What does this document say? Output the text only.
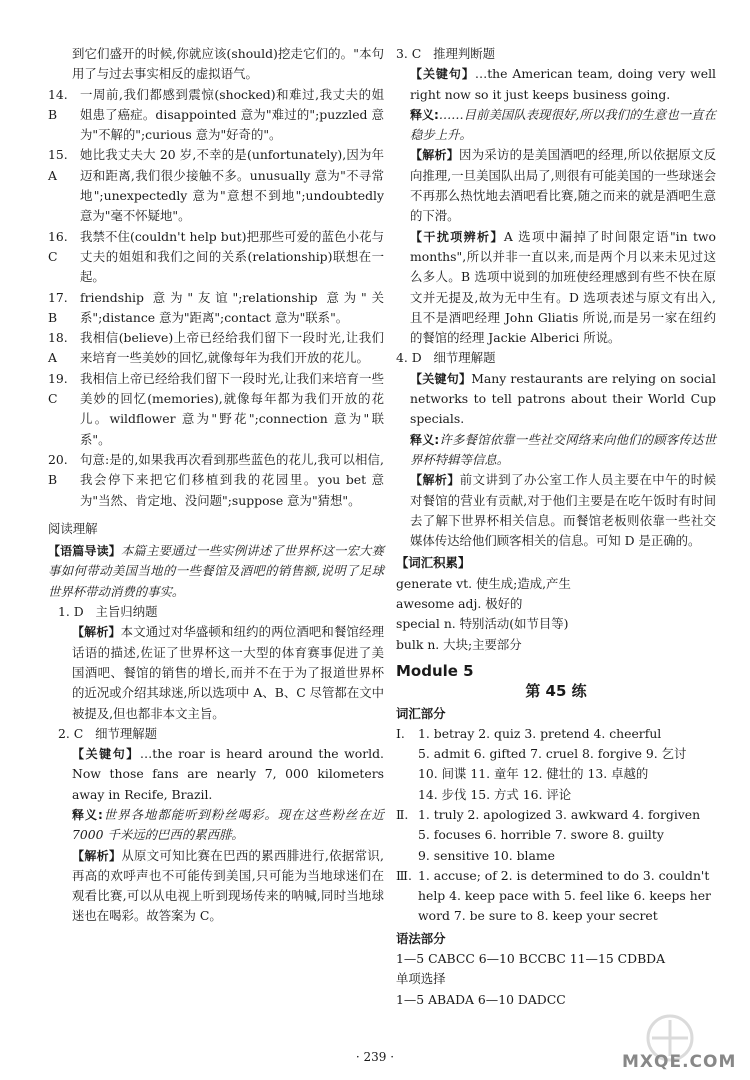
到它们盛开的时候,你就应该(should)挖走它们的。"本句用了与过去事实相反的虚拟语气。

14. B
一周前,我们都感到震惊(shocked)和难过,我丈夫的姐姐患了癌症。disappointed 意为"难过的";puzzled 意为"不解的";curious 意为"好奇的"。
15. A
她比我丈夫大 20 岁,不幸的是(unfortunately),因为年迈和距离,我们很少接触不多。unusually 意为"不寻常地";unexpectedly 意为"意想不到地";undoubtedly 意为"毫不怀疑地"。
16. C
我禁不住(couldn't help but)把那些可爱的蓝色小花与丈夫的姐姐和我们之间的关系(relationship)联想在一起。
17. B
friendship 意为"友谊";relationship 意为"关系";distance 意为"距离";contact 意为"联系"。
18. A
我相信(believe)上帝已经给我们留下一段时光,让我们来培育一些美妙的回忆,就像每年为我们开放的花儿。
19. C
我相信上帝已经给我们留下一段时光,让我们来培育一些美妙的回忆(memories),就像每年都为我们开放的花儿。wildflower 意为"野花";connection 意为"联系"。
20. B
句意:是的,如果我再次看到那些蓝色的花儿,我可以相信,我会停下来把它们移植到我的花园里。you bet 意为"当然、肯定地、没问题";suppose 意为"猜想"。

阅读理解

【语篇导读】本篇主要通过一些实例讲述了世界杯这一宏大赛事如何带动美国当地的一些餐馆及酒吧的销售额,说明了足球世界杯带动消费的事实。

1. D 主旨归纳题

【解析】本文通过对华盛顿和纽约的两位酒吧和餐馆经理话语的描述,佐证了世界杯这一大型的体育赛事促进了美国酒吧、餐馆的销售的增长,而并不在于为了报道世界杯的近况或介绍其球迷,所以选项中 A、B、C 尽管都在文中被提及,但也都非本文主旨。

2. C 细节理解题

【关键句】…the roar is heard around the world. Now those fans are nearly 7, 000 kilometers away in Recife, Brazil.

释义:世界各地都能听到粉丝喝彩。现在这些粉丝在近 7000 千米远的巴西的累西腓。

【解析】从原文可知比赛在巴西的累西腓进行,依据常识,再高的欢呼声也不可能传到美国,只可能为当地球迷们在观看比赛,可以从电视上听到现场传来的呐喊,同时当地球迷也在喝彩。故答案为 C。

3. C 推理判断题

【关键句】…the American team, doing very well right now so it just keeps business going.

释义:……目前美国队表现很好,所以我们的生意也一直在稳步上升。

【解析】因为采访的是美国酒吧的经理,所以依据原文反向推理,一旦美国队出局了,则很有可能美国的一些球迷会不再那么热忱地去酒吧看比赛,随之而来的就是酒吧生意的下滑。

【干扰项辨析】A 选项中漏掉了时间限定语"in two months",所以并非一直以来,而是两个月以来未见过这么多人。B 选项中说到的加班使经理感到有些不快在原文并无提及,故为无中生有。D 选项表述与原文有出入,且不是酒吧经理 John Gliatis 所说,而是另一家在纽约的餐馆的经理 Jackie Alberici 所说。

4. D 细节理解题

【关键句】Many restaurants are relying on social networks to tell patrons about their World Cup specials.

释义:许多餐馆依靠一些社交网络来向他们的顾客传达世界杯特辑等信息。

【解析】前文讲到了办公室工作人员主要在中午的时候对餐馆的营业有贡献,对于他们主要是在吃午饭时有时间去了解下世界杯相关信息。而餐馆老板则依靠一些社交媒体传达给他们顾客相关的信息。可知 D 是正确的。

【词汇积累】

generate vt. 使生成;造成,产生

awesome adj. 极好的

special n. 特别活动(如节目等)

bulk n. 大块;主要部分

Module 5

第 45 练

词汇部分

Ⅰ.	1. betray 2. quiz 3. pretend 4. cheerful

5. admit 6. gifted 7. cruel 8. forgive 9. 乞讨

10. 间谍 11. 童年 12. 健壮的 13. 卓越的

14. 步伐 15. 方式 16. 评论

Ⅱ. 1. truly 2. apologized 3. awkward 4. forgiven

5. focuses 6. horrible 7. swore 8. guilty

9. sensitive 10. blame

Ⅲ. 1. accuse; of 2. is determined to do 3. couldn't

help 4. keep pace with 5. feel like 6. keeps her

word 7. be sure to 8. keep your secret

语法部分

1—5 CABCC 6—10 BCCBC 11—15 CDBDA

单项选择

1—5 ABADA 6—10 DADCC

· 239 ·	MXQE.COM
